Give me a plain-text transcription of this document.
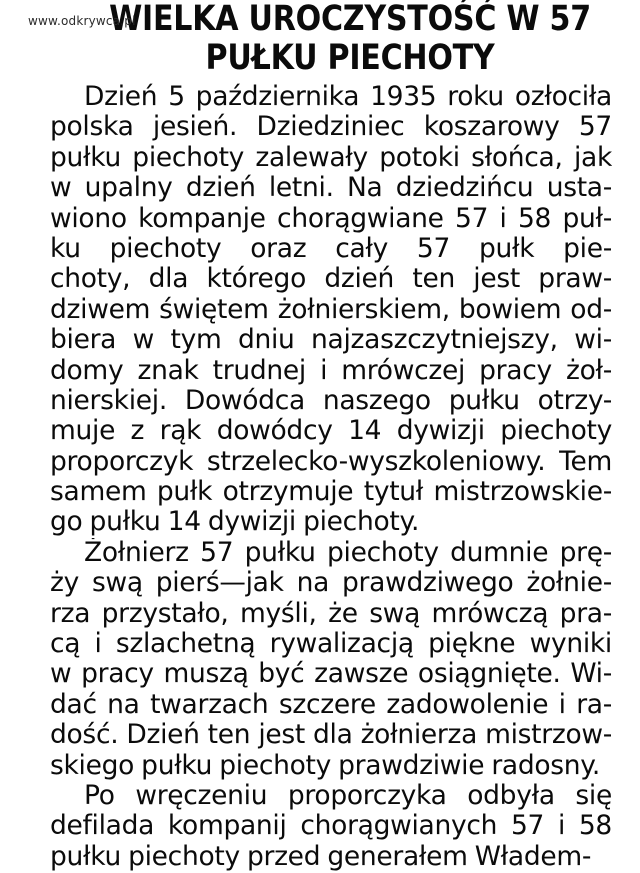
www.odkrywca.pl
WIELKA UROCZYSTOŚĆ W 57
PUŁKU PIECHOTY
Dzień 5 października 1935 roku ozłociła
polska jesień. Dziedziniec koszarowy 57
pułku piechoty zalewały potoki słońca, jak
w upalny dzień letni. Na dziedzińcu usta-
wiono kompanje chorągwiane 57 i 58 puł-
ku piechoty oraz cały 57 pułk pie-
choty, dla którego dzień ten jest praw-
dziwem świętem żołnierskiem, bowiem od-
biera w tym dniu najzaszczytniejszy, wi-
domy znak trudnej i mrówczej pracy żoł-
nierskiej. Dowódca naszego pułku otrzy-
muje z rąk dowódcy 14 dywizji piechoty
proporczyk strzelecko-wyszkoleniowy. Tem
samem pułk otrzymuje tytuł mistrzowskie-
go pułku 14 dywizji piechoty.
Żołnierz 57 pułku piechoty dumnie prę-
ży swą pierś—jak na prawdziwego żołnie-
rza przystało, myśli, że swą mrówczą pra-
cą i szlachetną rywalizacją piękne wyniki
w pracy muszą być zawsze osiągnięte. Wi-
dać na twarzach szczere zadowolenie i ra-
dość. Dzień ten jest dla żołnierza mistrzow-
skiego pułku piechoty prawdziwie radosny.
Po wręczeniu proporczyka odbyła się
defilada kompanij chorągwianych 57 i 58
pułku piechoty przed generałem Władem-
